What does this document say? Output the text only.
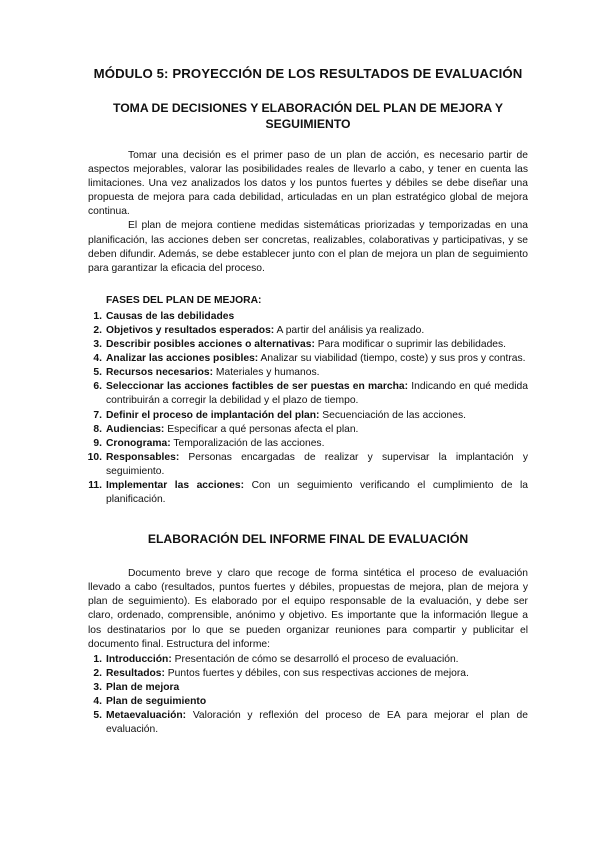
MÓDULO 5: PROYECCIÓN DE LOS RESULTADOS DE EVALUACIÓN
TOMA DE DECISIONES Y ELABORACIÓN DEL PLAN DE MEJORA Y SEGUIMIENTO

Tomar una decisión es el primer paso de un plan de acción, es necesario partir de aspectos mejorables, valorar las posibilidades reales de llevarlo a cabo, y tener en cuenta las limitaciones. Una vez analizados los datos y los puntos fuertes y débiles se debe diseñar una propuesta de mejora para cada debilidad, articuladas en un plan estratégico global de mejora continua.

El plan de mejora contiene medidas sistemáticas priorizadas y temporizadas en una planificación, las acciones deben ser concretas, realizables, colaborativas y participativas, y se deben difundir. Además, se debe establecer junto con el plan de mejora un plan de seguimiento para garantizar la eficacia del proceso.

FASES DEL PLAN DE MEJORA:
1. Causas de las debilidades
2. Objetivos y resultados esperados: A partir del análisis ya realizado.
3. Describir posibles acciones o alternativas: Para modificar o suprimir las debilidades.
4. Analizar las acciones posibles: Analizar su viabilidad (tiempo, coste) y sus pros y contras.
5. Recursos necesarios: Materiales y humanos.
6. Seleccionar las acciones factibles de ser puestas en marcha: Indicando en qué medida contribuirán a corregir la debilidad y el plazo de tiempo.
7. Definir el proceso de implantación del plan: Secuenciación de las acciones.
8. Audiencias: Especificar a qué personas afecta el plan.
9. Cronograma: Temporalización de las acciones.
10. Responsables: Personas encargadas de realizar y supervisar la implantación y seguimiento.
11. Implementar las acciones: Con un seguimiento verificando el cumplimiento de la planificación.
ELABORACIÓN DEL INFORME FINAL DE EVALUACIÓN

Documento breve y claro que recoge de forma sintética el proceso de evaluación llevado a cabo (resultados, puntos fuertes y débiles, propuestas de mejora, plan de mejora y plan de seguimiento). Es elaborado por el equipo responsable de la evaluación, y debe ser claro, ordenado, comprensible, anónimo y objetivo. Es importante que la información llegue a los destinatarios por lo que se pueden organizar reuniones para compartir y publicitar el documento final. Estructura del informe:

1. Introducción: Presentación de cómo se desarrolló el proceso de evaluación.
2. Resultados: Puntos fuertes y débiles, con sus respectivas acciones de mejora.
3. Plan de mejora
4. Plan de seguimiento
5. Metaevaluación: Valoración y reflexión del proceso de EA para mejorar el plan de evaluación.
